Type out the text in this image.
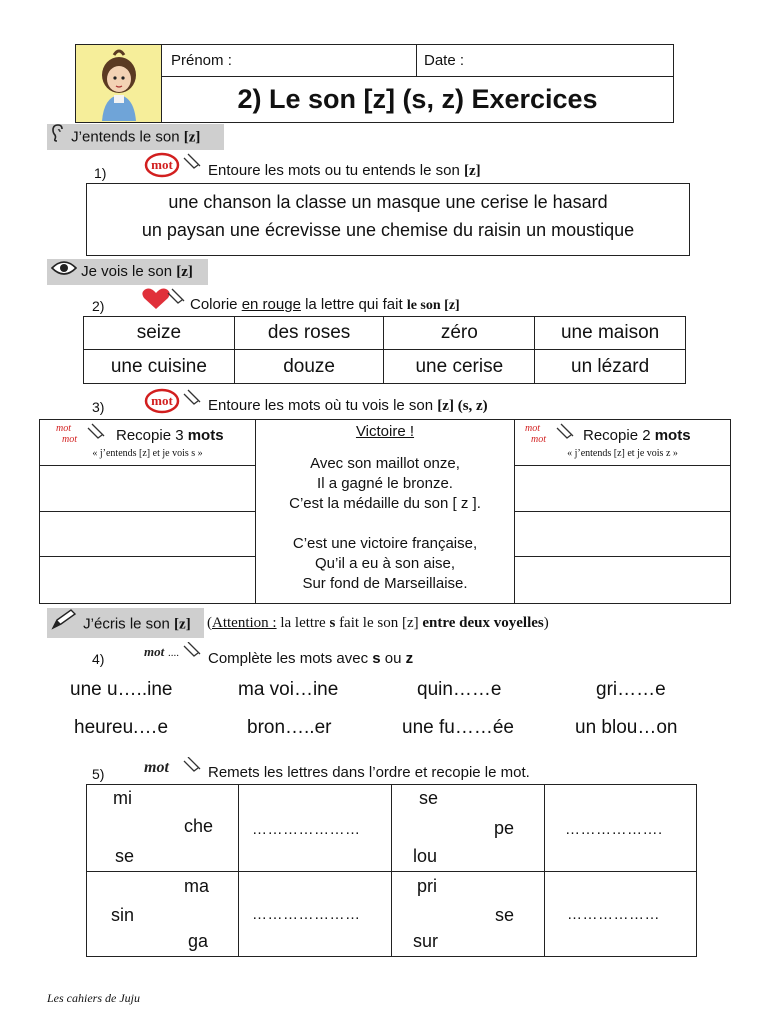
Prénom :	Date :
2) Le son [z] (s, z) Exercices
J’entends le son [z]
1)
mot Entoure les mots ou tu entends le son [z]
une chanson la classe un masque une cerise le hasard
un paysan une écrevisse une chemise du raisin un moustique
Je vois le son [z]
2)	Colorie en rouge la lettre qui fait le son [z]
seize	des roses	zéro	une maison
une cuisine	douze	une cerise	un lézard
3)	mot Entoure les mots où tu vois le son [z] (s, z)
mot
mot	Recopie 3 mots
« j’entends [z] et je vois s »
Victoire !
Avec son maillot onze,
Il a gagné le bronze.
C’est la médaille du son [ z ].
C’est une victoire française,
Qu’il a eu à son aise,
Sur fond de Marseillaise.
mot
mot Recopie 2 mots
« j’entends [z] et je vois z »
J’écris le son [z]	(Attention : la lettre s fait le son [z] entre deux voyelles)
4)	mot .... Complète les mots avec s ou z
une u…..ine	ma voi…ine	quin……e	gri……e
heureu.…e	bron…..er	une fu……ée	un blou…on
5) mot	Remets les lettres dans l’ordre et recopie le mot.
mi
che
se
…………………
se
pe
lou
……………….
ma
sin
ga
…………………
pri
se
sur
………………
Les cahiers de Juju
